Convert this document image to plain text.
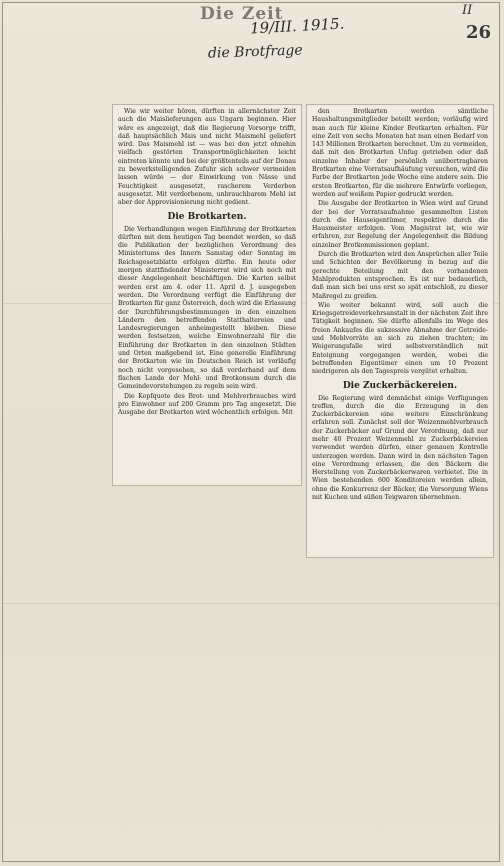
Die Zeit
19/III. 1915.
II
26
die Brotfrage

Wie wir weiter hören, dürften in allernächster Zeit auch die Maislieferungen aus Ungarn beginnen. Hier wäre es angezeigt, daß die Regierung Vorsorge trifft, daß hauptsächlich Mais und nicht Maismehl geliefert wird. Das Maismehl ist — was bei den jetzt ohnehin vielfach gestörten Transportmöglichkeiten leicht eintreten könnte und bei der größtenteils auf der Donau zu bewerkstelligenden Zufuhr sich schwer vermeiden lassen würde — der Einwirkung von Nässe und Feuchtigkeit ausgesetzt, rascherem Verderben ausgesetzt. Mit verdorbenem, unbrauchbarem Mehl ist aber der Approvisionierung nicht gedient.

Die Brotkarten.

Die Verhandlungen wegen Einführung der Brotkarten dürften mit dem heutigen Tag beendet werden, so daß die Publikation der bezüglichen Verordnung des Ministeriums des Innern Samstag oder Sonntag im Reichsgesetzblatte erfolgen dürfte. Ein heute oder morgen stattfindender Ministerrat wird sich noch mit dieser Angelegenheit beschäftigen. Die Karten selbst werden erst am 4. oder 11. April d. J. ausgegeben werden. Die Verordnung verfügt die Einführung der Brotkarten für ganz Österreich, doch wird die Erlassung der Durchführungsbestimmungen in den einzelnen Ländern den betreffenden Statthaltereien und Landesregierungen anheimgestellt bleiben. Diese werden festsetzen, welche Einwohnerzahl für die Einführung der Brotkarten in den einzelnen Städten und Orten maßgebend ist. Eine generelle Einführung der Brotkarten wie im Deutschen Reich ist vorläufig noch nicht vorgesehen, so daß vorderhand auf dem flachen Lande der Mehl- und Brotkonsum durch die Gemeindevorstehungen zu regeln sein wird.

Die Kopfquote des Brot- und Mehlverbrauches wird pro Einwohner auf 200 Gramm pro Tag angesetzt. Die Ausgabe der Brotkarten wird wöchentlich erfolgen. Mit

den Brotkarten werden sämtliche Haushaltungsmitglieder beteilt werden; vorläufig wird man auch für kleine Kinder Brotkarten erhalten. Für eine Zeit von sechs Monaten hat man einen Bedarf von 143 Millionen Brotkarten berechnet. Um zu vermeiden, daß mit den Brotkarten Unfug getrieben oder daß einzelne Inhaber der persönlich unübertragbaren Brotkarten eine Vorratsaufhäufung versuchen, wird die Farbe der Brotkarten jede Woche eine andere sein. Die ersten Brotkarten, für die mehrere Entwürfe vorliegen, werden auf weißem Papier gedruckt werden.

Die Ausgabe der Brotkarten in Wien wird auf Grund der bei der Vorratsaufnahme gesammelten Listen durch die Hauseigentümer, respektive durch die Hausmeister erfolgen. Vom Magistrat ist, wie wir erfahren, zur Regelung der Angelegenheit die Bildung einzelner Brotkommissionen geplant.

Durch die Brotkarten wird den Ansprüchen aller Teile und Schichten der Bevölkerung in bezug auf die gerechte Beteilung mit den vorhandenen Mahlprodukten entsprochen. Es ist nur bedauerlich, daß man sich bei uns erst so spät entschloß, zu dieser Maßregel zu greifen.

Wie weiter bekannt wird, soll auch die Kriegsgetreideverkehrsanstalt in der nächsten Zeit ihre Tätigkeit beginnen. Sie dürfte allenfalls im Wege des freien Ankaufes die sukzessive Abnahme der Getreide- und Mehlvorräte an sich zu ziehen trachten; im Weigerungsfalle wird selbstverständlich mit Enteignung vorgegangen werden, wobei die betreffenden Eigentümer einen um 10 Prozent niedrigeren als den Tagespreis vergütet erhalten.

Die Zuckerbäckereien.

Die Regierung wird demnächst einige Verfügungen treffen, durch die die Erzeugung in den Zuckerbäckereien eine weitere Einschränkung erfahren soll. Zunächst soll der Weizenmehlverbrauch der Zuckerbäcker auf Grund der Verordnung, daß nur mehr 40 Prozent Weizenmehl zu Zuckerbäckereien verwendet werden dürfen, einer genauen Kontrolle unterzogen werden. Dann wird in den nächsten Tagen eine Verordnung erlassen, die den Bäckern die Herstellung von Zuckerbäckerwaren verbietet. Die in Wien bestehenden 600 Konditoreien werden allein, ohne die Konkurrenz der Bäcker, die Versorgung Wiens mit Kuchen und süßen Teigwaren übernehmen.
